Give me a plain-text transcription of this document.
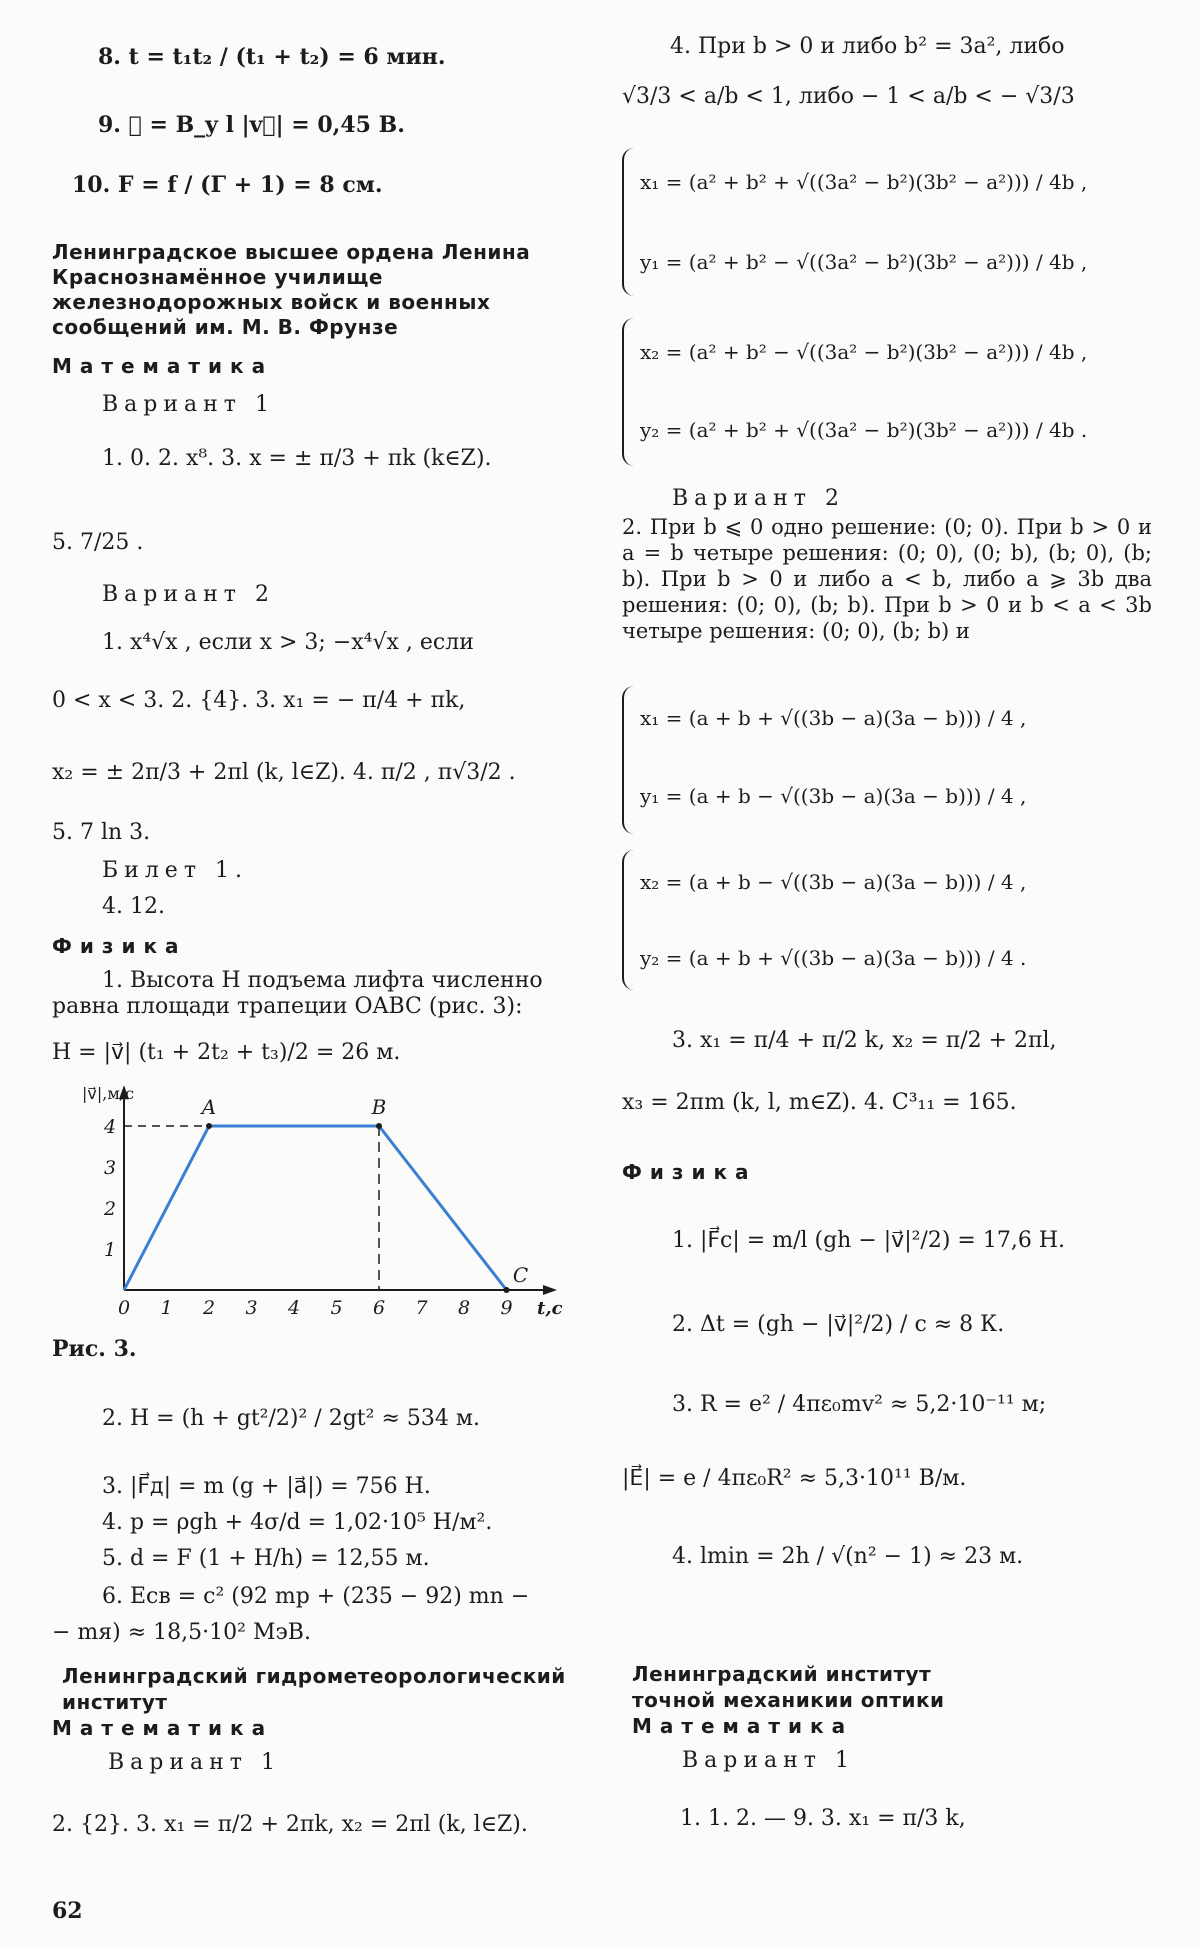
8. t = t₁t₂ / (t₁ + t₂) = 6 мин.
9. ℰ = B_y l |v⃗| = 0,45 В.
10. F = f / (Γ + 1) = 8 см.
Ленинградское высшее ордена Ленина
Краснознамённое училище
железнодорожных войск и военных
сообщений им. М. В. Фрунзе
Математика
Вариант 1
1. 0. 2. x⁸. 3. x = ± π/3 + πk (k∈Z).
5. 7/25 .
Вариант 2
1. x⁴√x , если x > 3; −x⁴√x , если
0 < x < 3. 2. {4}. 3. x₁ = − π/4 + πk,
x₂ = ± 2π/3 + 2πl (k, l∈Z). 4. π/2 , π√3/2 .
5. 7 ln 3.
Билет 1.
4. 12.
Физика
1. Высота H подъема лифта численно
равна площади трапеции OABC (рис. 3):
H = |v⃗| (t₁ + 2t₂ + t₃)/2 = 26 м.
0 1 2 3 4 5 6 7 8 9
1
2
3
4
|v⃗|,м/c
t,c
A	B
C
Рис. 3.
2. H = (h + gt²/2)² / 2gt² ≈ 534 м.
3. |F⃗д| = m (g + |a⃗|) = 756 Н.
4. p = ρgh + 4σ/d = 1,02·10⁵ Н/м².
5. d = F (1 + H/h) = 12,55 м.
6. Eсв = c² (92 mp + (235 − 92) mn −
− mя) ≈ 18,5·10² МэВ.
Ленинградский гидрометеорологический
институт
Математика
Вариант 1
2. {2}. 3. x₁ = π/2 + 2πk, x₂ = 2πl (k, l∈Z).
4. При b > 0 и либо b² = 3a², либо
√3/3 < a/b < 1, либо − 1 < a/b < − √3/3
x₁ = (a² + b² + √((3a² − b²)(3b² − a²))) / 4b ,
y₁ = (a² + b² − √((3a² − b²)(3b² − a²))) / 4b ,
x₂ = (a² + b² − √((3a² − b²)(3b² − a²))) / 4b ,
y₂ = (a² + b² + √((3a² − b²)(3b² − a²))) / 4b .
Вариант 2
2. При b ⩽ 0 одно решение: (0; 0). При b > 0 и a = b четыре решения: (0; 0), (0; b), (b; 0), (b; b). При b > 0 и либо a < b, либо a ⩾ 3b два решения: (0; 0), (b; b). При b > 0 и b < a < 3b четыре решения: (0; 0), (b; b) и
x₁ = (a + b + √((3b − a)(3a − b))) / 4 ,
y₁ = (a + b − √((3b − a)(3a − b))) / 4 ,
x₂ = (a + b − √((3b − a)(3a − b))) / 4 ,
y₂ = (a + b + √((3b − a)(3a − b))) / 4 .
3. x₁ = π/4 + π/2 k, x₂ = π/2 + 2πl,
x₃ = 2πm (k, l, m∈Z). 4. C³₁₁ = 165.
Физика
1. |F⃗c| = m/l (gh − |v⃗|²/2) = 17,6 Н.
2. Δt = (gh − |v⃗|²/2) / c ≈ 8 К.
3. R = e² / 4πε₀mv² ≈ 5,2·10⁻¹¹ м;
|E⃗| = e / 4πε₀R² ≈ 5,3·10¹¹ В/м.
4. lmin = 2h / √(n² − 1) ≈ 23 м.
Ленинградский институт
точной механикии оптики
Математика
Вариант 1
1. 1. 2. — 9. 3. x₁ = π/3 k,
62
